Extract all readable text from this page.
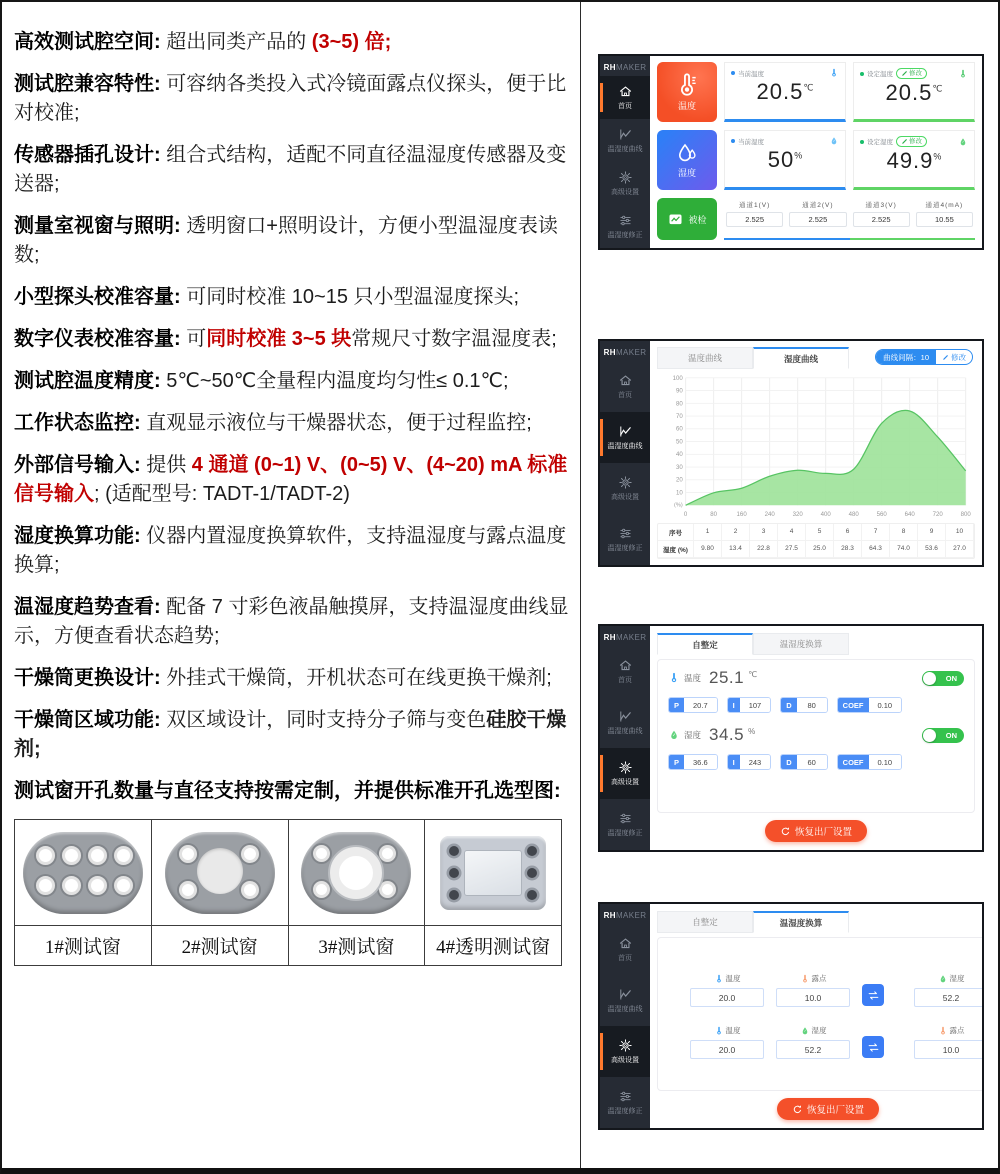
高效测试腔空间: 超出同类产品的 (3~5) 倍;

测试腔兼容特性: 可容纳各类投入式冷镜面露点仪探头，便于比对校准;

传感器插孔设计: 组合式结构，适配不同直径温湿度传感器及变送器;

测量室视窗与照明: 透明窗口+照明设计，方便小型温湿度表读数;

小型探头校准容量: 可同时校准 10~15 只小型温湿度探头;

数字仪表校准容量: 可同时校准 3~5 块常规尺寸数字温湿度表;

测试腔温度精度: 5℃~50℃全量程内温度均匀性≤ 0.1℃;

工作状态监控: 直观显示液位与干燥器状态，便于过程监控;

外部信号输入: 提供 4 通道 (0~1) V、(0~5) V、(4~20) mA 标准信号输入; (适配型号: TADT-1/TADT-2)

湿度换算功能: 仪器内置湿度换算软件，支持温湿度与露点温度换算;

温湿度趋势查看: 配备 7 寸彩色液晶触摸屏，支持温湿度曲线显示，方便查看状态趋势;

干燥筒更换设计: 外挂式干燥筒，开机状态可在线更换干燥剂;

干燥筒区域功能: 双区域设计，同时支持分子筛与变色硅胶干燥剂;

测试窗开孔数量与直径支持按需定制，并提供标准开孔选型图:

1#测试窗	2#测试窗	3#测试窗	4#透明测试窗
RHMAKER
首页
温湿度曲线
高级设置
温湿度修正
温度
当前温度
20.5℃
设定温度 修改
20.5℃
湿度
当前湿度
50%
设定湿度 修改
49.9%
被检
通道1(V)
2.525
通道2(V)
2.525
通道3(V)
2.525
通道4(mA)
10.55
RHMAKER
首页
温湿度曲线
高级设置
温湿度修正
温度曲线	湿度曲线	曲线间隔：10	修改
100
90
80
70
60
50
40
30
20
10
(%)
0	80	160	240	320	400	480	560	640	720	800
序号	1	2	3	4	5	6	7	8	9	10
湿度 (%)	9.80	13.4	22.8	27.5	25.0	28.3	64.3	74.0	53.6	27.0
RHMAKER
首页
温湿度曲线
高级设置
温湿度修正
自整定	温湿度换算
温度 25.1 ℃	ON
P	20.7	I	107	D	80	COEF	0.10
湿度 34.5 %	ON
P	36.6	I	243	D	60	COEF	0.10
恢复出厂设置
RHMAKER
首页
温湿度曲线
高级设置
温湿度修正
自整定	温湿度换算
温度
20.0
露点
10.0
湿度
52.2
温度
20.0
湿度
52.2
露点
10.0
恢复出厂设置
